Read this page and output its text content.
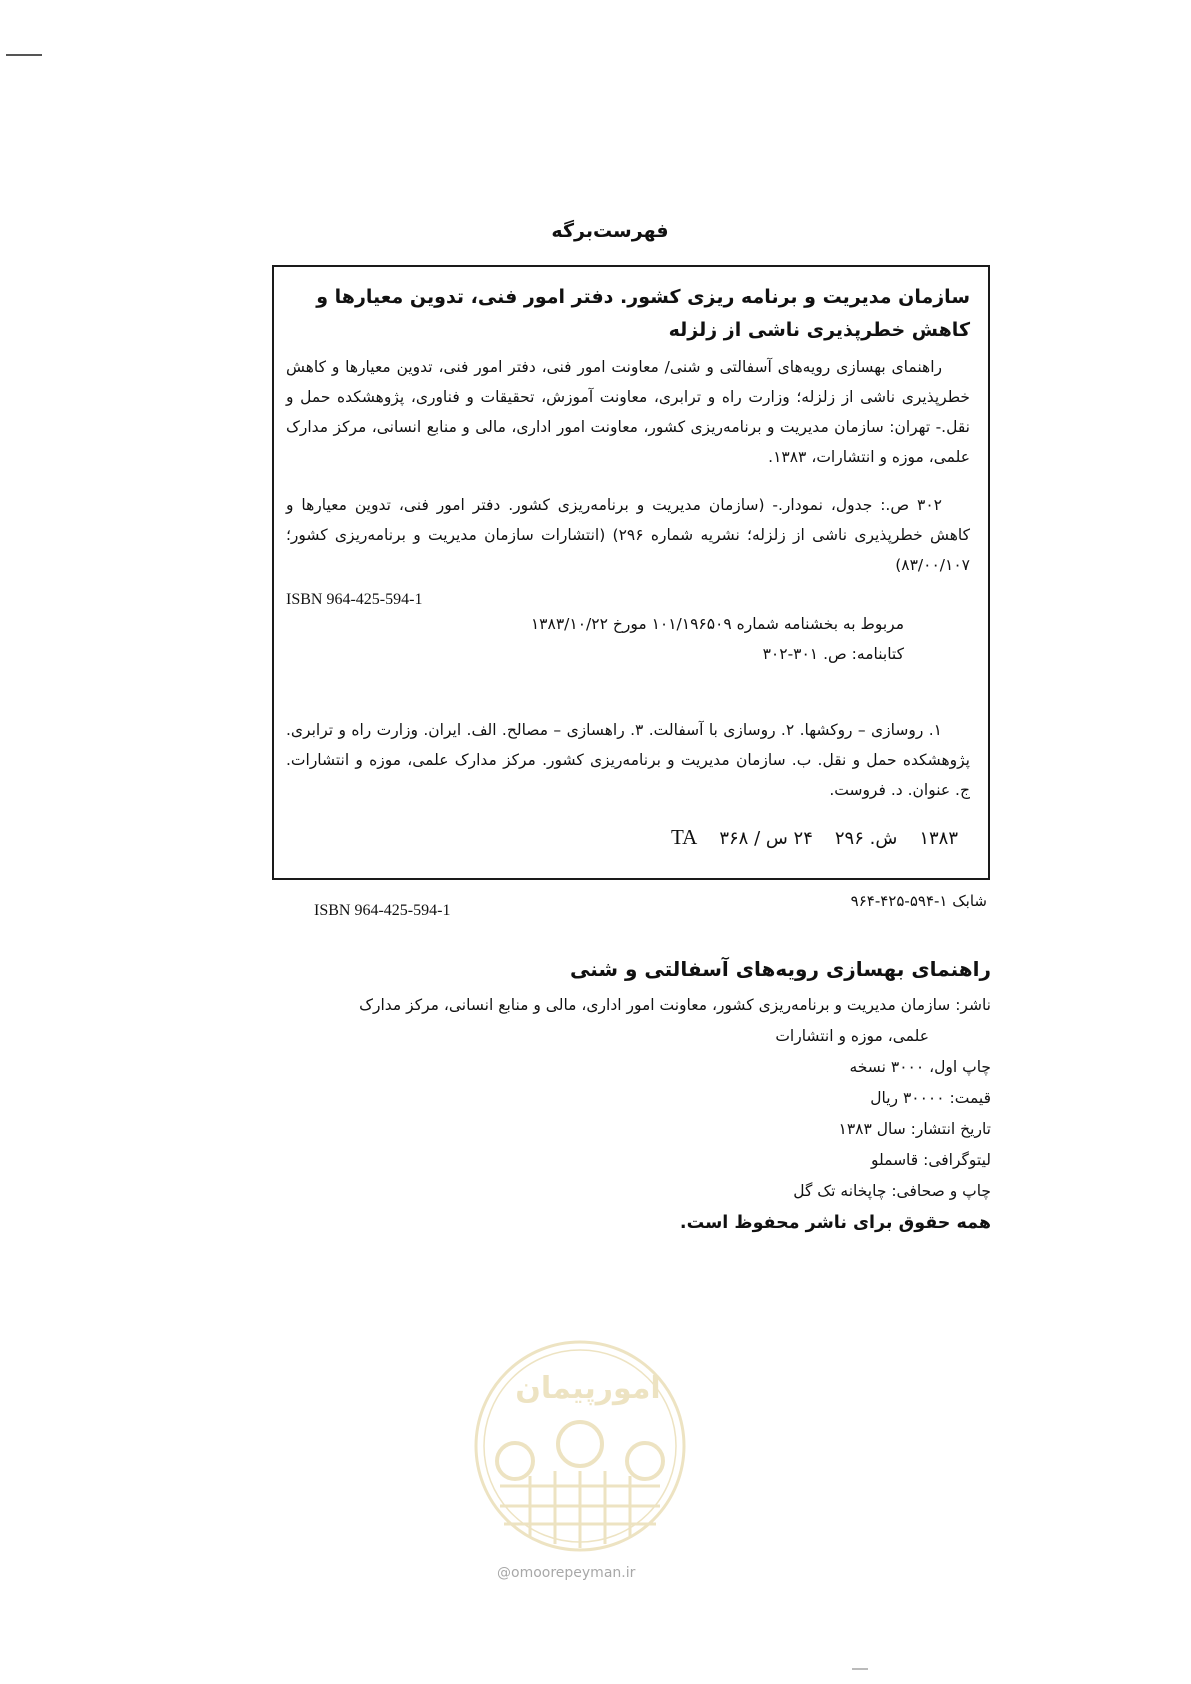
فهرست‌برگه
سازمان مدیریت و برنامه ریزی کشور. دفتر امور فنی، تدوین معیارها و کاهش خطرپذیری ناشی از زلزله
راهنمای بهسازی رویه‌های آسفالتی و شنی/ معاونت امور فنی، دفتر امور فنی، تدوین معیارها و کاهش خطرپذیری ناشی از زلزله؛ وزارت راه و ترابری، معاونت آموزش، تحقیقات و فناوری، پژوهشکده حمل و نقل.- تهران: سازمان مدیریت و برنامه‌ریزی کشور، معاونت امور اداری، مالی و منابع انسانی، مرکز مدارک علمی، موزه و انتشارات، ۱۳۸۳.
۳۰۲ ص.: جدول، نمودار.- (سازمان مدیریت و برنامه‌ریزی کشور. دفتر امور فنی، تدوین معیارها و کاهش خطرپذیری ناشی از زلزله؛ نشریه شماره ۲۹۶) (انتشارات سازمان مدیریت و برنامه‌ریزی کشور؛ ۸۳/۰۰/۱۰۷)
ISBN 964-425-594-1
مربوط به بخشنامه شماره ۱۰۱/۱۹۶۵۰۹ مورخ ۱۳۸۳/۱۰/۲۲
کتابنامه: ص. ۳۰۱-۳۰۲
۱. روسازی – روکشها. ۲. روسازی با آسفالت. ۳. راهسازی – مصالح. الف. ایران. وزارت راه و ترابری. پژوهشکده حمل و نقل. ب. سازمان مدیریت و برنامه‌ریزی کشور. مرکز مدارک علمی، موزه و انتشارات. ج. عنوان. د. فروست.
۱۳۸۳
ش. ۲۹۶
۲۴ س / ۳۶۸
TA
شابک ۱-۵۹۴-۴۲۵-۹۶۴
ISBN 964-425-594-1
راهنمای بهسازی رویه‌های آسفالتی و شنی
ناشر: سازمان مدیریت و برنامه‌ریزی کشور، معاونت امور اداری، مالی و منابع انسانی، مرکز مدارک
علمی، موزه و انتشارات
چاپ اول، ۳۰۰۰ نسخه
قیمت: ۳۰۰۰۰ ریال
تاریخ انتشار: سال ۱۳۸۳
لیتوگرافی: قاسملو
چاپ و صحافی: چاپخانه تک گل
همه حقوق برای ناشر محفوظ است.
امورپیمان
@omoorepeyman.ir
